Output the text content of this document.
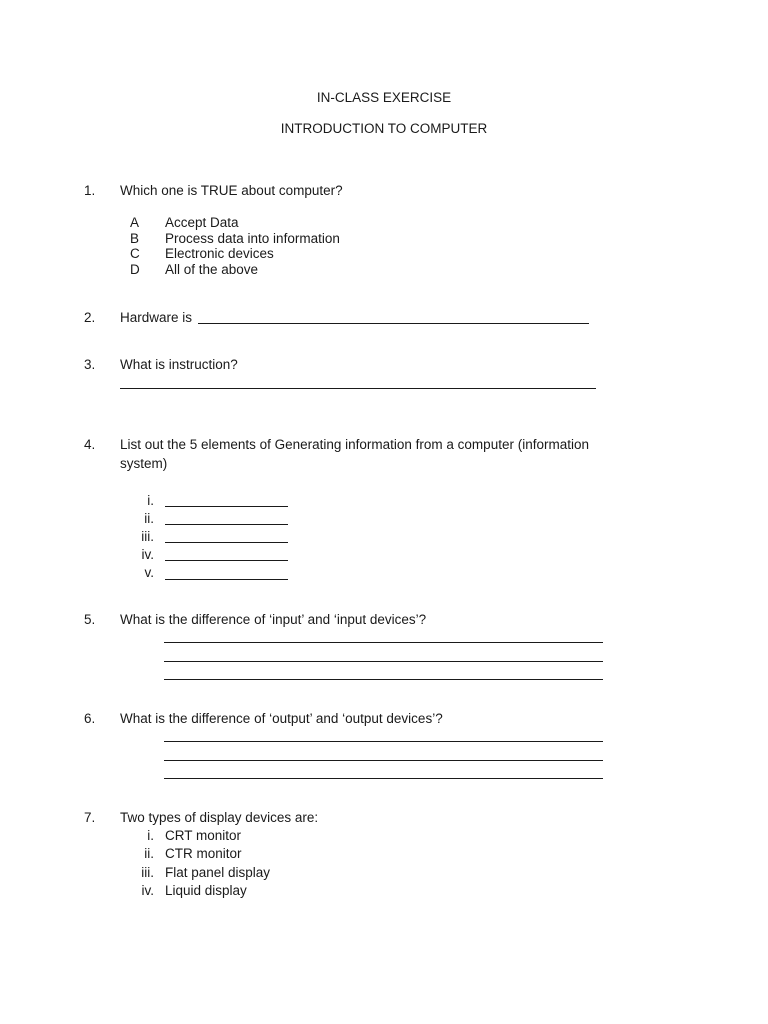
IN-CLASS EXERCISE
INTRODUCTION TO COMPUTER
1. Which one is TRUE about computer?
A Accept Data
B Process data into information
C Electronic devices
D All of the above
2. Hardware is
3. What is instruction?
4. List out the 5 elements of Generating information from a computer (information
system)
i.
ii.
iii.
iv.
v.
5. What is the difference of ‘input’ and ‘input devices’?
6. What is the difference of ‘output’ and ‘output devices’?
7. Two types of display devices are:
i. CRT monitor
ii. CTR monitor
iii. Flat panel display
iv. Liquid display
